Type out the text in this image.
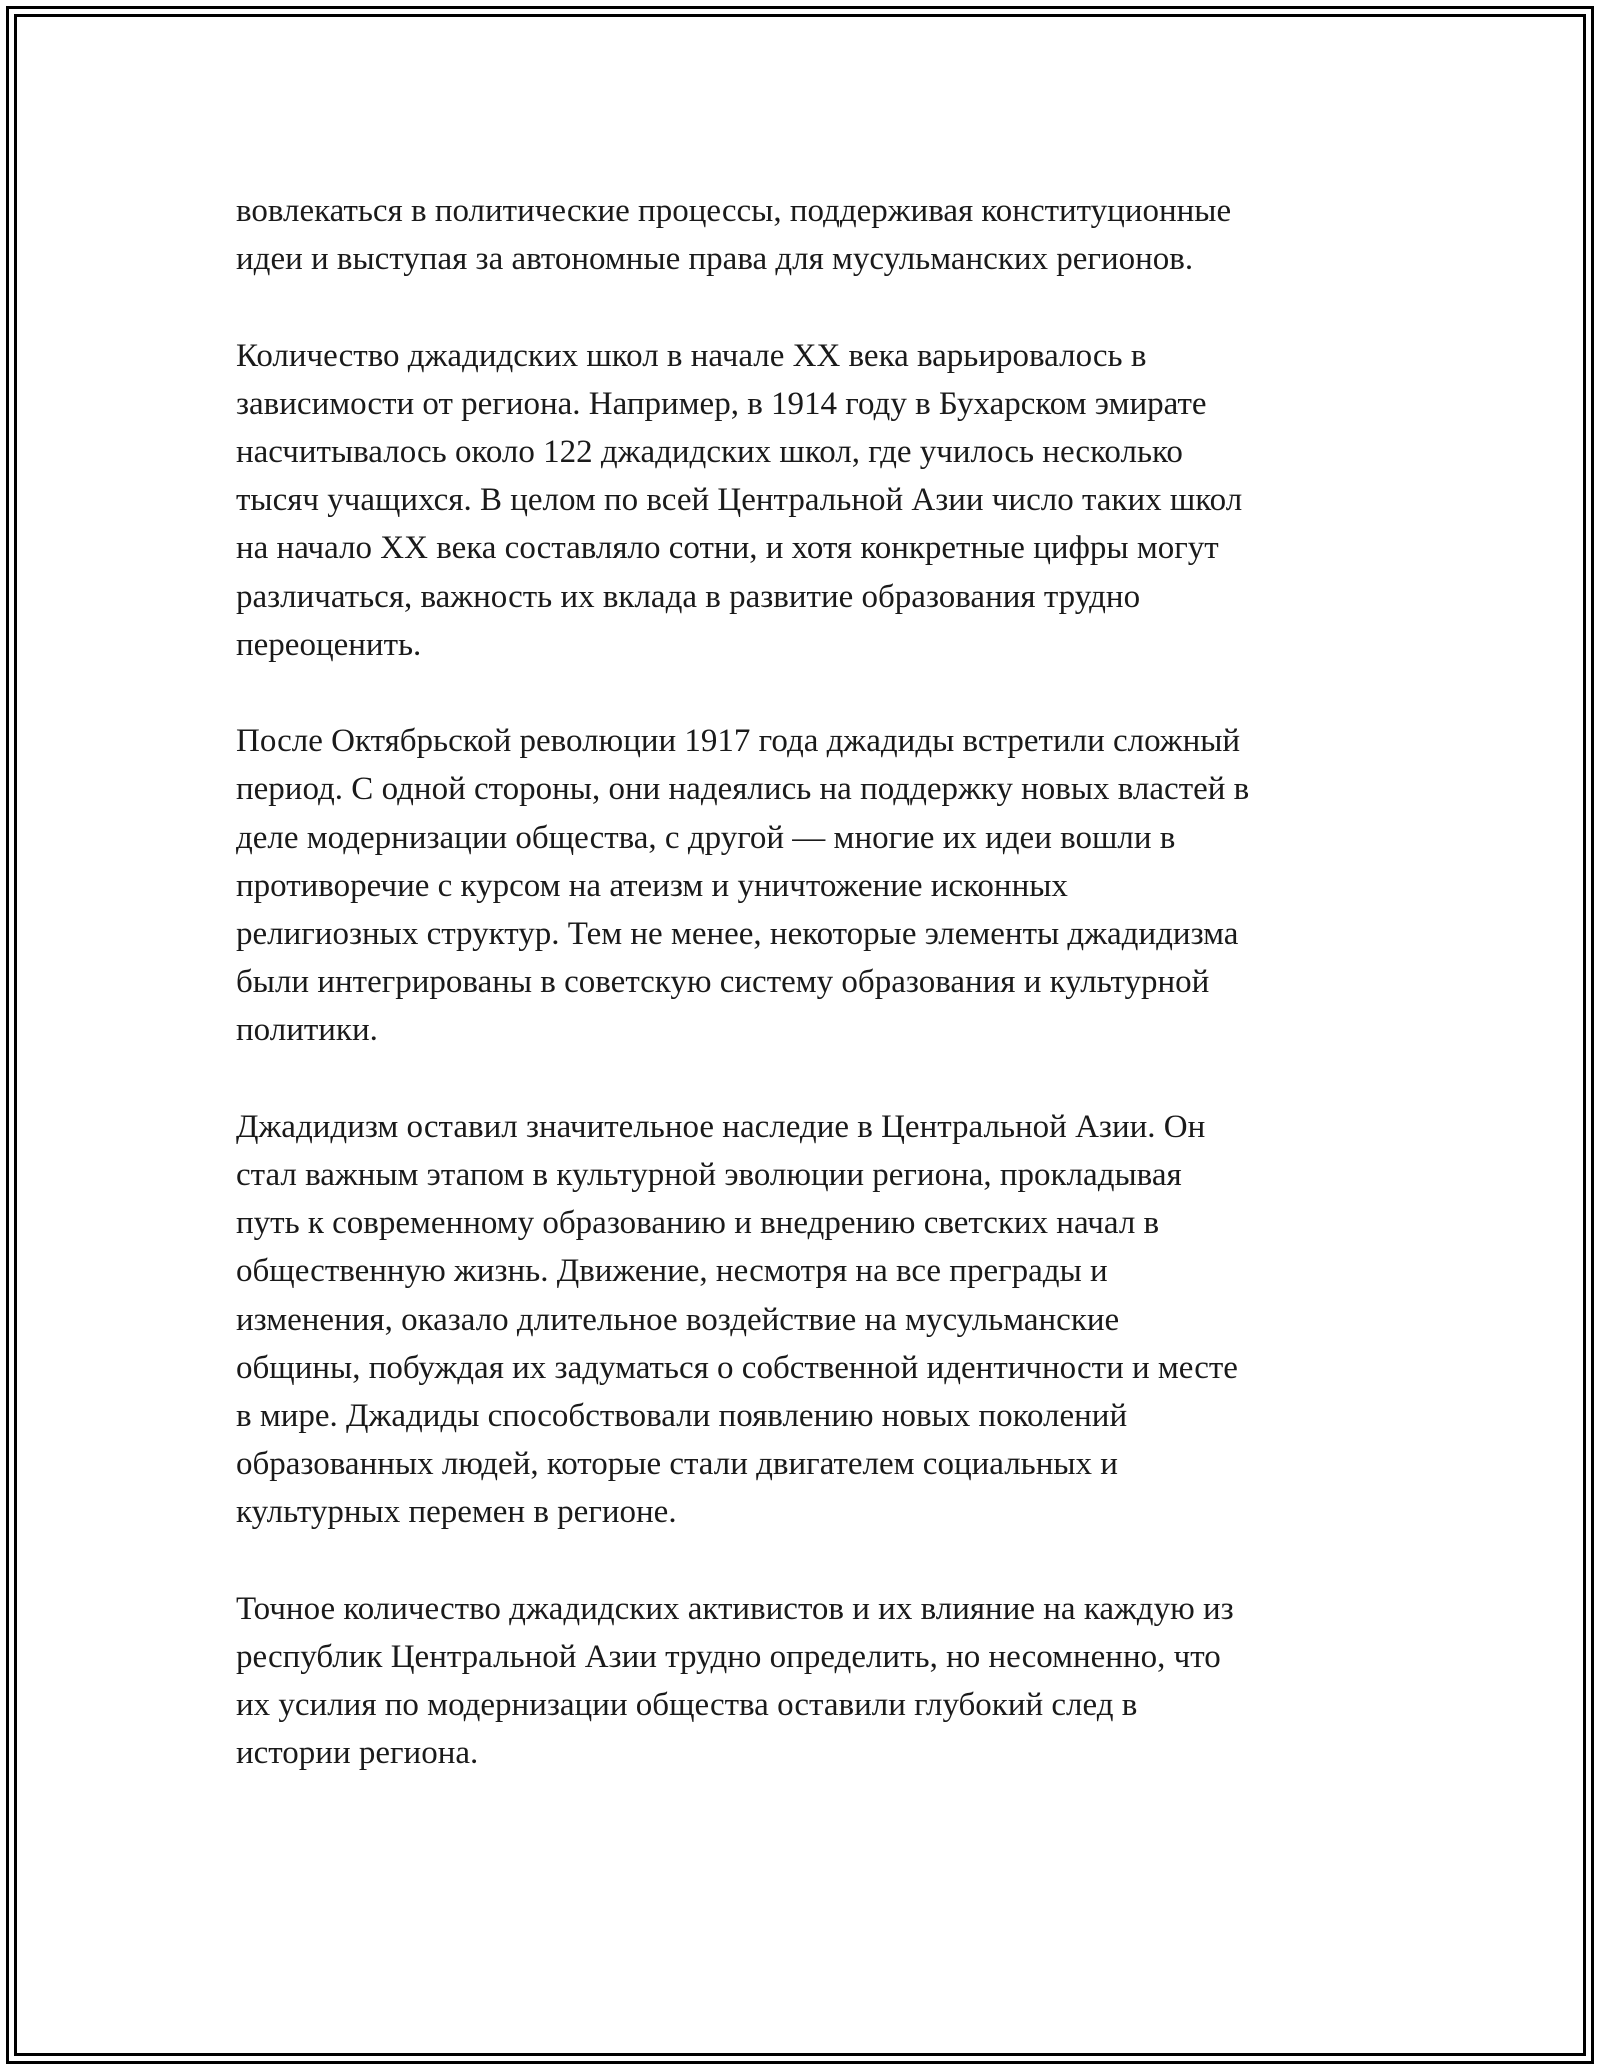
вовлекаться в политические процессы, поддерживая конституционные
идеи и выступая за автономные права для мусульманских регионов.

Количество джадидских школ в начале XX века варьировалось в
зависимости от региона. Например, в 1914 году в Бухарском эмирате
насчитывалось около 122 джадидских школ, где училось несколько
тысяч учащихся. В целом по всей Центральной Азии число таких школ
на начало XX века составляло сотни, и хотя конкретные цифры могут
различаться, важность их вклада в развитие образования трудно
переоценить.

После Октябрьской революции 1917 года джадиды встретили сложный
период. С одной стороны, они надеялись на поддержку новых властей в
деле модернизации общества, с другой — многие их идеи вошли в
противоречие с курсом на атеизм и уничтожение исконных
религиозных структур. Тем не менее, некоторые элементы джадидизма
были интегрированы в советскую систему образования и культурной
политики.

Джадидизм оставил значительное наследие в Центральной Азии. Он
стал важным этапом в культурной эволюции региона, прокладывая
путь к современному образованию и внедрению светских начал в
общественную жизнь. Движение, несмотря на все преграды и
изменения, оказало длительное воздействие на мусульманские
общины, побуждая их задуматься о собственной идентичности и месте
в мире. Джадиды способствовали появлению новых поколений
образованных людей, которые стали двигателем социальных и
культурных перемен в регионе.

Точное количество джадидских активистов и их влияние на каждую из
республик Центральной Азии трудно определить, но несомненно, что
их усилия по модернизации общества оставили глубокий след в
истории региона.
